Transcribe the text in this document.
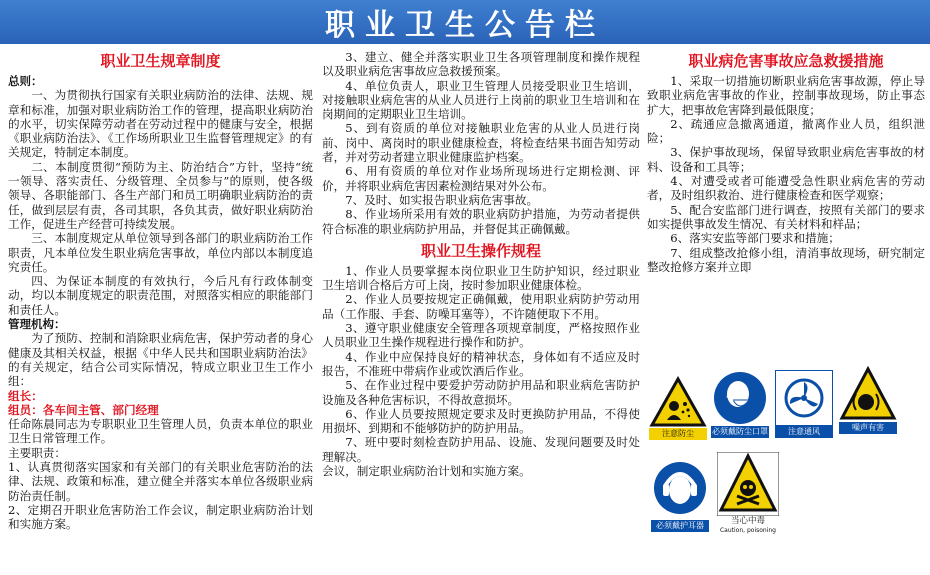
职业卫生公告栏
职业卫生规章制度

总则：

一、为贯彻执行国家有关职业病防治的法律、法规、规章和标准，加强对职业病防治工作的管理，提高职业病防治的水平，切实保障劳动者在劳动过程中的健康与安全，根据《职业病防治法》、《工作场所职业卫生监督管理规定》的有关规定，特制定本制度。

二、本制度贯彻“预防为主、防治结合”方针，坚持“统一领导、落实责任、分级管理、全员参与”的原则，使各级领导、各职能部门、各生产部门和员工明确职业病防治的责任，做到层层有责，各司其职，各负其责，做好职业病防治工作，促进生产经营可持续发展。

三、本制度规定从单位领导到各部门的职业病防治工作职责，凡本单位发生职业病危害事故，单位内部以本制度追究责任。

四、为保证本制度的有效执行，今后凡有行政体制变动，均以本制度规定的职责范围，对照落实相应的职能部门和责任人。

管理机构：

为了预防、控制和消除职业病危害，保护劳动者的身心健康及其相关权益，根据《中华人民共和国职业病防治法》的有关规定，结合公司实际情况，特成立职业卫生工作小组：

组长：

组员：各车间主管、部门经理

任命陈晨同志为专职职业卫生管理人员，负责本单位的职业卫生日常管理工作。

主要职责：

1、认真贯彻落实国家和有关部门的有关职业危害防治的法律、法规、政策和标准，建立健全并落实本单位各级职业病防治责任制。

2、定期召开职业危害防治工作会议，制定职业病防治计划和实施方案。

3、建立、健全并落实职业卫生各项管理制度和操作规程以及职业病危害事故应急救援预案。

4、单位负责人，职业卫生管理人员接受职业卫生培训，对接触职业病危害的从业人员进行上岗前的职业卫生培训和在岗期间的定期职业卫生培训。

5、到有资质的单位对接触职业危害的从业人员进行岗前、岗中、离岗时的职业健康检查，将检查结果书面告知劳动者，并对劳动者建立职业健康监护档案。

6、用有资质的单位对作业场所现场进行定期检测、评价，并将职业病危害因素检测结果对外公布。

7、及时、如实报告职业病危害事故。

8、作业场所采用有效的职业病防护措施，为劳动者提供符合标准的职业病防护用品，并督促其正确佩戴。

职业卫生操作规程

1、作业人员要掌握本岗位职业卫生防护知识，经过职业卫生培训合格后方可上岗，按时参加职业健康体检。

2、作业人员要按规定正确佩戴，使用职业病防护劳动用品（工作服、手套、防噪耳塞等），不许随便取下不用。

3、遵守职业健康安全管理各项规章制度，严格按照作业人员职业卫生操作规程进行操作和防护。

4、作业中应保持良好的精神状态，身体如有不适应及时报告，不准班中带病作业或饮酒后作业。

5、在作业过程中要爱护劳动防护用品和职业病危害防护设施及各种危害标识，不得故意损坏。

6、作业人员要按照规定要求及时更换防护用品，不得使用损坏、到期和不能够防护的防护用品。

7、班中要时刻检查防护用品、设施、发现问题要及时处理解决。

会议，制定职业病防治计划和实施方案。

职业病危害事故应急救援措施

1、采取一切措施切断职业病危害事故源，停止导致职业病危害事故的作业，控制事故现场，防止事态扩大，把事故危害降到最低限度；

2、疏通应急撤离通道，撤离作业人员，组织泄险；

3、保护事故现场，保留导致职业病危害事故的材料、设备和工具等；

4、对遭受或者可能遭受急性职业病危害的劳动者，及时组织救治、进行健康检查和医学观察；

5、配合安监部门进行调查，按照有关部门的要求如实提供事故发生情况、有关材料和样品；

6、落实安监等部门要求和措施；

7、组成整改抢修小组，清消事故现场，研究制定整改抢修方案并立即

注意防尘	必须戴防尘口罩	注意通风	噪声有害
必须戴护耳器	当心中毒
Caution, poisoning
